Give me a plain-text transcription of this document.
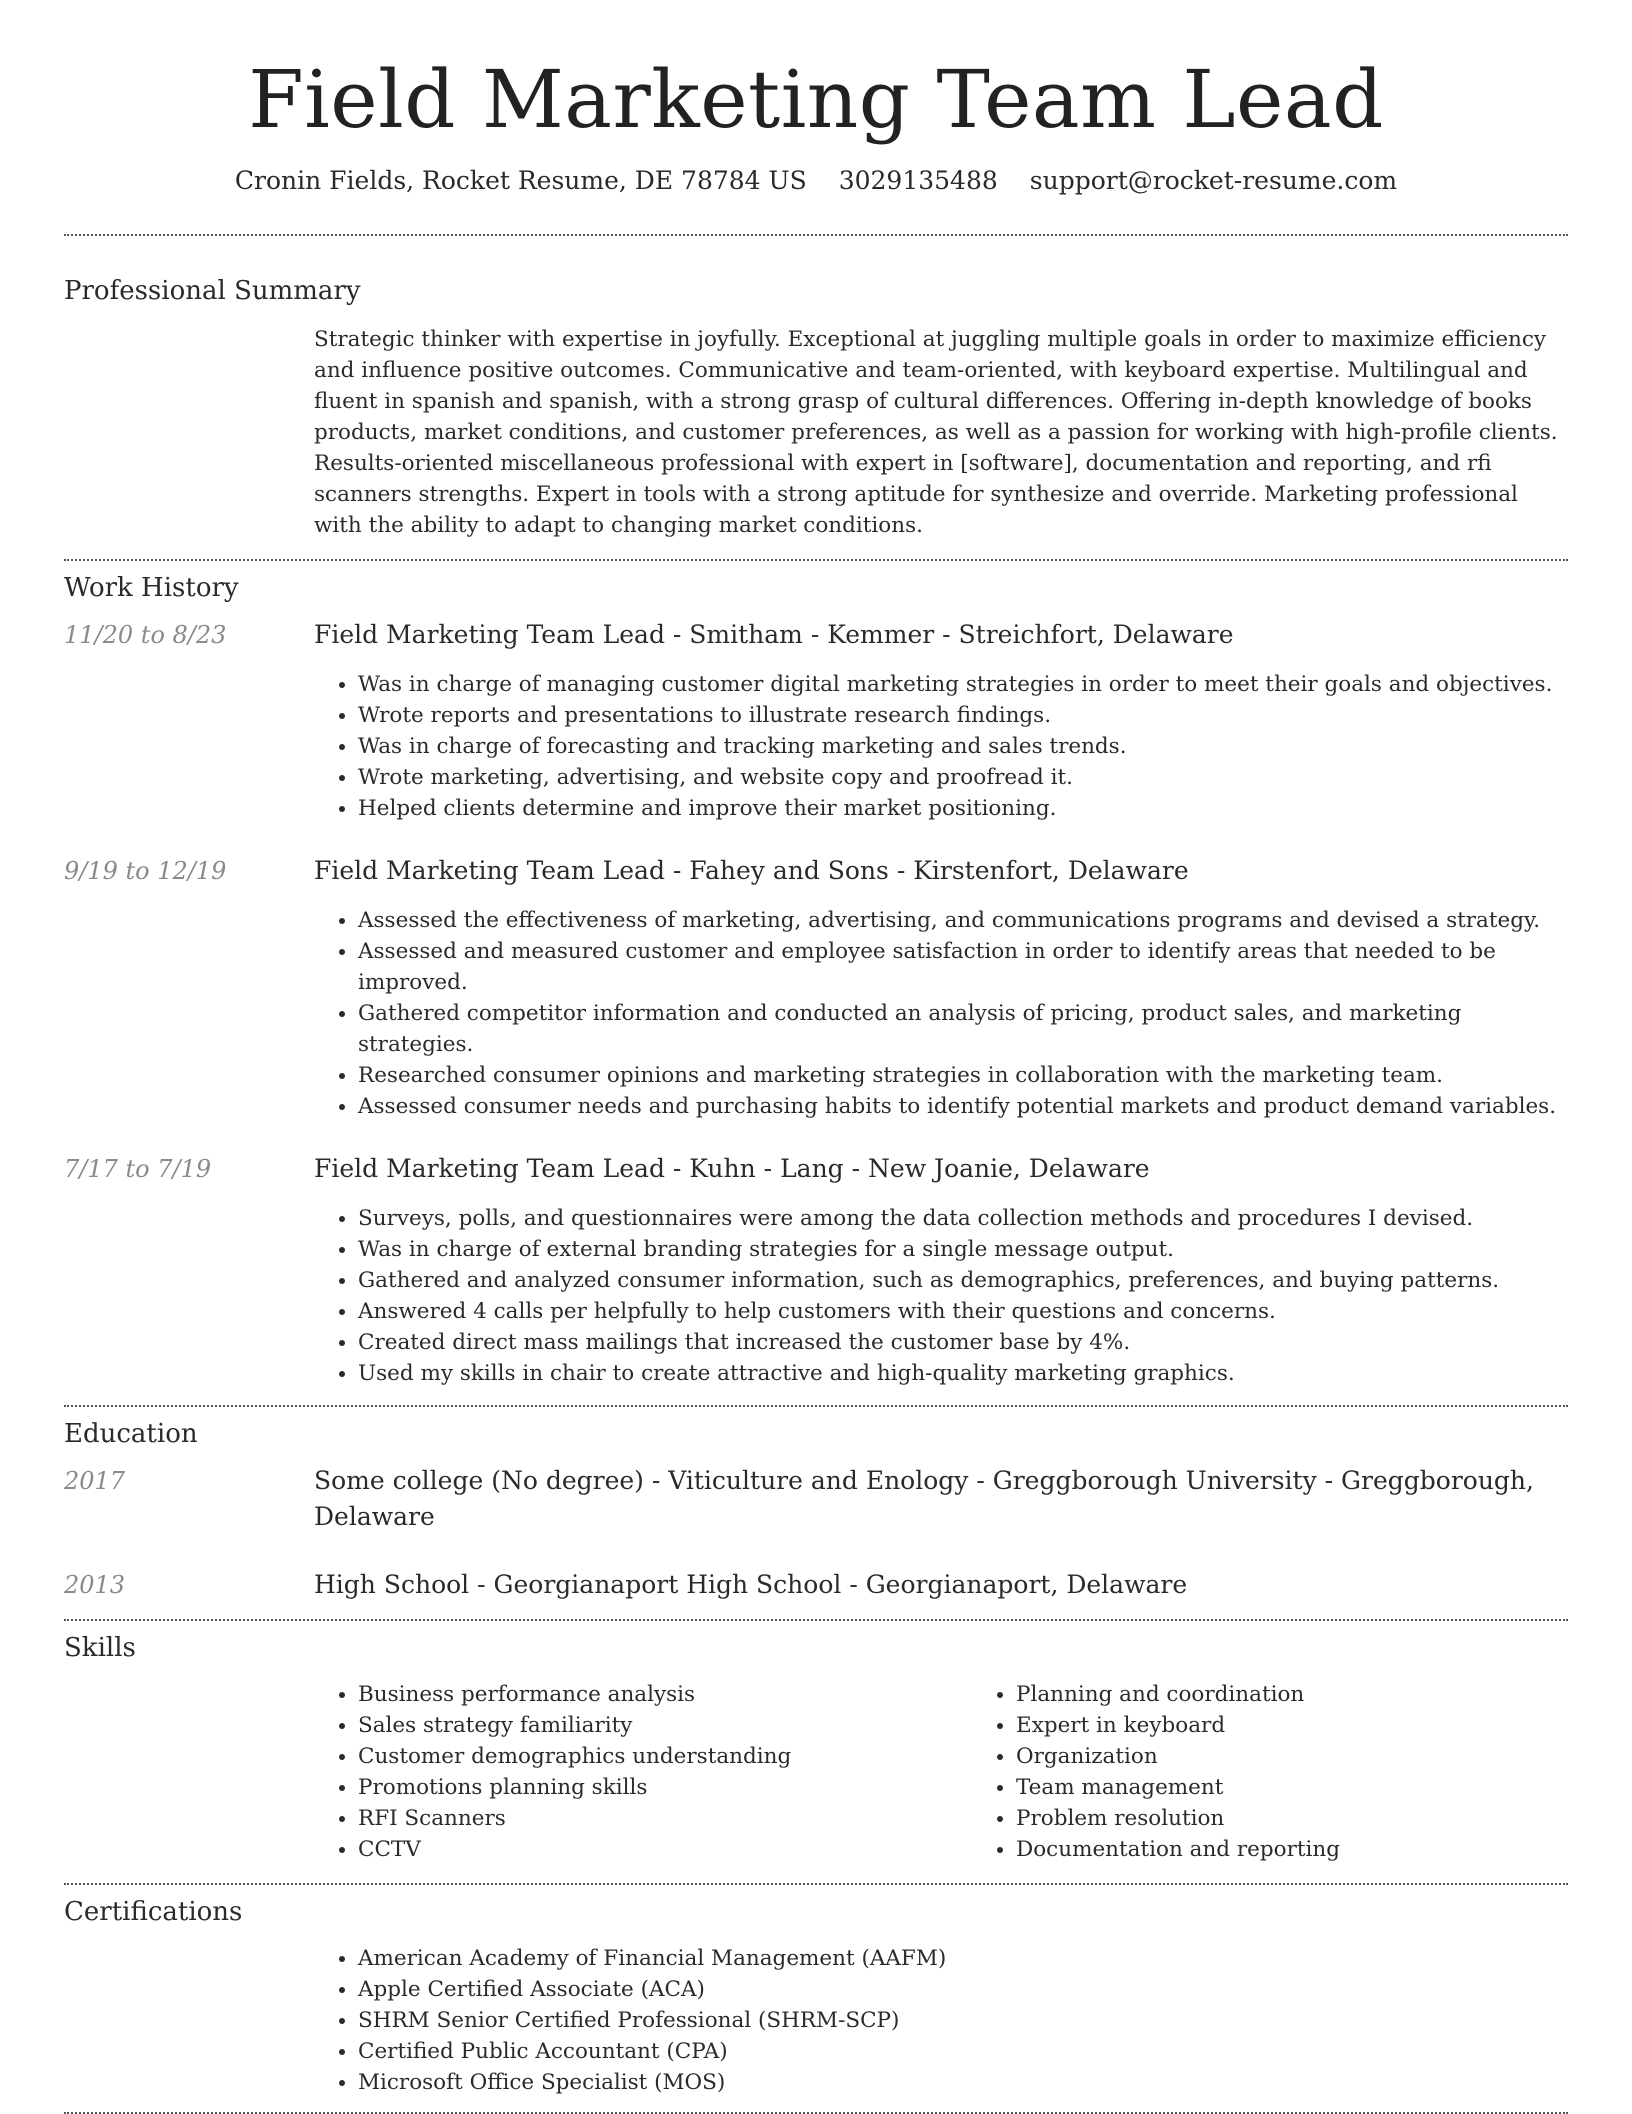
Field Marketing Team Lead
Cronin Fields, Rocket Resume, DE 78784 US 3029135488 support@rocket-resume.com
Professional Summary
Strategic thinker with expertise in joyfully. Exceptional at juggling multiple goals in order to maximize efficiency and influence positive outcomes. Communicative and team-oriented, with keyboard expertise. Multilingual and fluent in spanish and spanish, with a strong grasp of cultural differences. Offering in-depth knowledge of books products, market conditions, and customer preferences, as well as a passion for working with high-profile clients. Results-oriented miscellaneous professional with expert in [software], documentation and reporting, and rfi scanners strengths. Expert in tools with a strong aptitude for synthesize and override. Marketing professional with the ability to adapt to changing market conditions.
Work History
11/20 to 8/23	Field Marketing Team Lead - Smitham - Kemmer - Streichfort, Delaware
• Was in charge of managing customer digital marketing strategies in order to meet their goals and objectives.
• Wrote reports and presentations to illustrate research findings.
• Was in charge of forecasting and tracking marketing and sales trends.
• Wrote marketing, advertising, and website copy and proofread it.
• Helped clients determine and improve their market positioning.
9/19 to 12/19	Field Marketing Team Lead - Fahey and Sons - Kirstenfort, Delaware
• Assessed the effectiveness of marketing, advertising, and communications programs and devised a strategy.
• Assessed and measured customer and employee satisfaction in order to identify areas that needed to be improved.
• Gathered competitor information and conducted an analysis of pricing, product sales, and marketing strategies.
• Researched consumer opinions and marketing strategies in collaboration with the marketing team.
• Assessed consumer needs and purchasing habits to identify potential markets and product demand variables.
7/17 to 7/19	Field Marketing Team Lead - Kuhn - Lang - New Joanie, Delaware
• Surveys, polls, and questionnaires were among the data collection methods and procedures I devised.
• Was in charge of external branding strategies for a single message output.
• Gathered and analyzed consumer information, such as demographics, preferences, and buying patterns.
• Answered 4 calls per helpfully to help customers with their questions and concerns.
• Created direct mass mailings that increased the customer base by 4%.
• Used my skills in chair to create attractive and high-quality marketing graphics.
Education
2017	Some college (No degree) - Viticulture and Enology - Greggborough University - Greggborough, Delaware
2013	High School - Georgianaport High School - Georgianaport, Delaware
Skills
• Business performance analysis
• Sales strategy familiarity
• Customer demographics understanding
• Promotions planning skills
• RFI Scanners
• CCTV
• Planning and coordination
• Expert in keyboard
• Organization
• Team management
• Problem resolution
• Documentation and reporting
Certifications
• American Academy of Financial Management (AAFM)
• Apple Certified Associate (ACA)
• SHRM Senior Certified Professional (SHRM-SCP)
• Certified Public Accountant (CPA)
• Microsoft Office Specialist (MOS)
